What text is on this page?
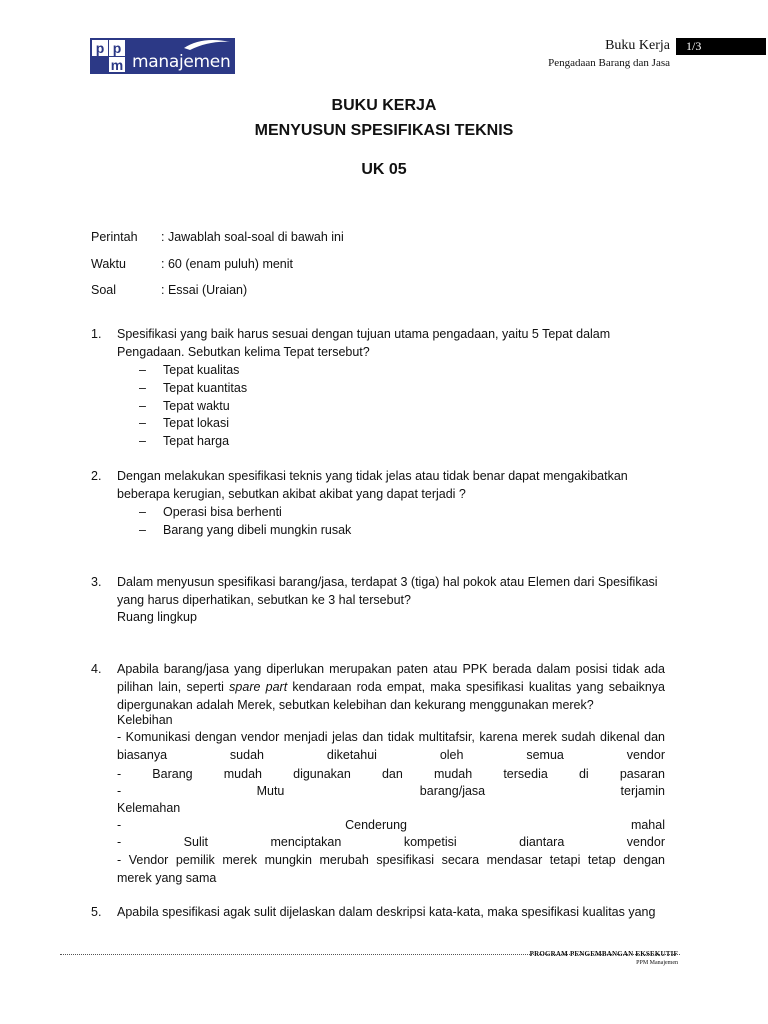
p p
m manajemen
Buku Kerja	1/3
Pengadaan Barang dan Jasa
BUKU KERJA
MENYUSUN SPESIFIKASI TEKNIS
UK 05
Perintah : Jawablah soal-soal di bawah ini
Waktu	: 60 (enam puluh) menit
Soal	: Essai (Uraian)
1. Spesifikasi yang baik harus sesuai dengan tujuan utama pengadaan, yaitu 5 Tepat dalam
Pengadaan. Sebutkan kelima Tepat tersebut?
– Tepat kualitas
– Tepat kuantitas
– Tepat waktu
– Tepat lokasi
– Tepat harga
2. Dengan melakukan spesifikasi teknis yang tidak jelas atau tidak benar dapat mengakibatkan
beberapa kerugian, sebutkan akibat akibat yang dapat terjadi ?
– Operasi bisa berhenti
– Barang yang dibeli mungkin rusak
3. Dalam menyusun spesifikasi barang/jasa, terdapat 3 (tiga) hal pokok atau Elemen dari Spesifikasi
yang harus diperhatikan, sebutkan ke 3 hal tersebut?
Ruang lingkup
4. Apabila barang/jasa yang diperlukan merupakan paten atau PPK berada dalam posisi tidak ada
pilihan lain, seperti spare part kendaraan roda empat, maka spesifikasi kualitas yang sebaiknya
dipergunakan adalah Merek, sebutkan kelebihan dan kekurang menggunakan merek?
Kelebihan
- Komunikasi dengan vendor menjadi jelas dan tidak multitafsir, karena merek sudah dikenal dan
biasanya sudah diketahui oleh semua vendor
- Barang mudah digunakan dan mudah tersedia di pasaran
- Mutu barang/jasa terjamin
Kelemahan
- Cenderung mahal
- Sulit menciptakan kompetisi diantara vendor
- Vendor pemilik merek mungkin merubah spesifikasi secara mendasar tetapi tetap dengan
merek yang sama
5. Apabila spesifikasi agak sulit dijelaskan dalam deskripsi kata-kata, maka spesifikasi kualitas yang
PROGRAM PENGEMBANGAN EKSEKUTIF
PPM Manajemen
